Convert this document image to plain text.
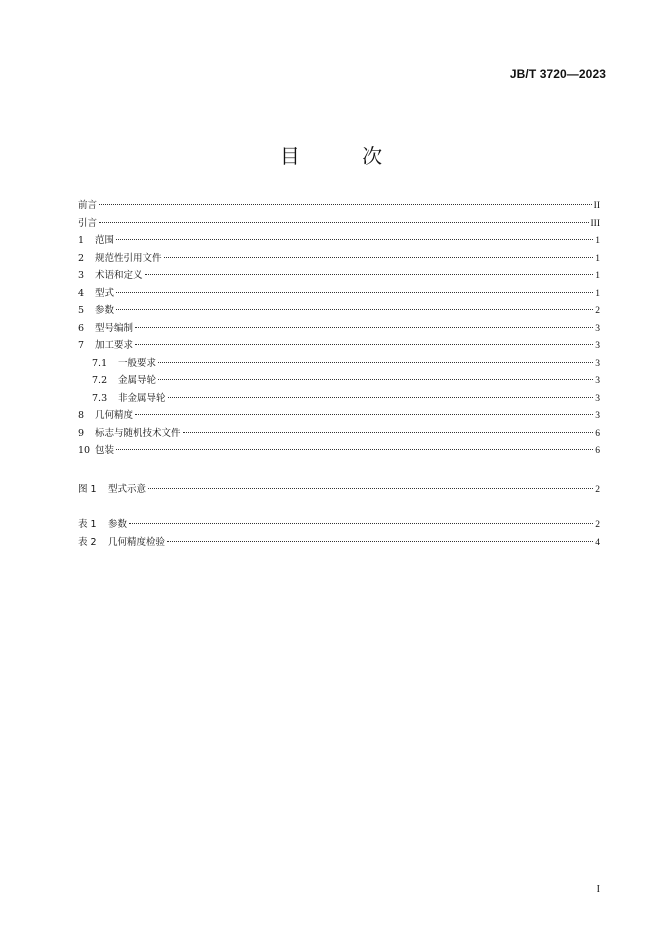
JB/T 3720—2023
目 次
前言	II
引言	III
1	范围	1
2	规范性引用文件	1
3	术语和定义	1
4	型式	1
5	参数	2
6	型号编制	3
7	加工要求	3
7.1	一般要求	3
7.2	金属导轮	3
7.3	非金属导轮	3
8	几何精度	3
9	标志与随机技术文件	6
10 包装	6
图 1	型式示意	2
表 1	参数	2
表 2	几何精度检验	4
I
